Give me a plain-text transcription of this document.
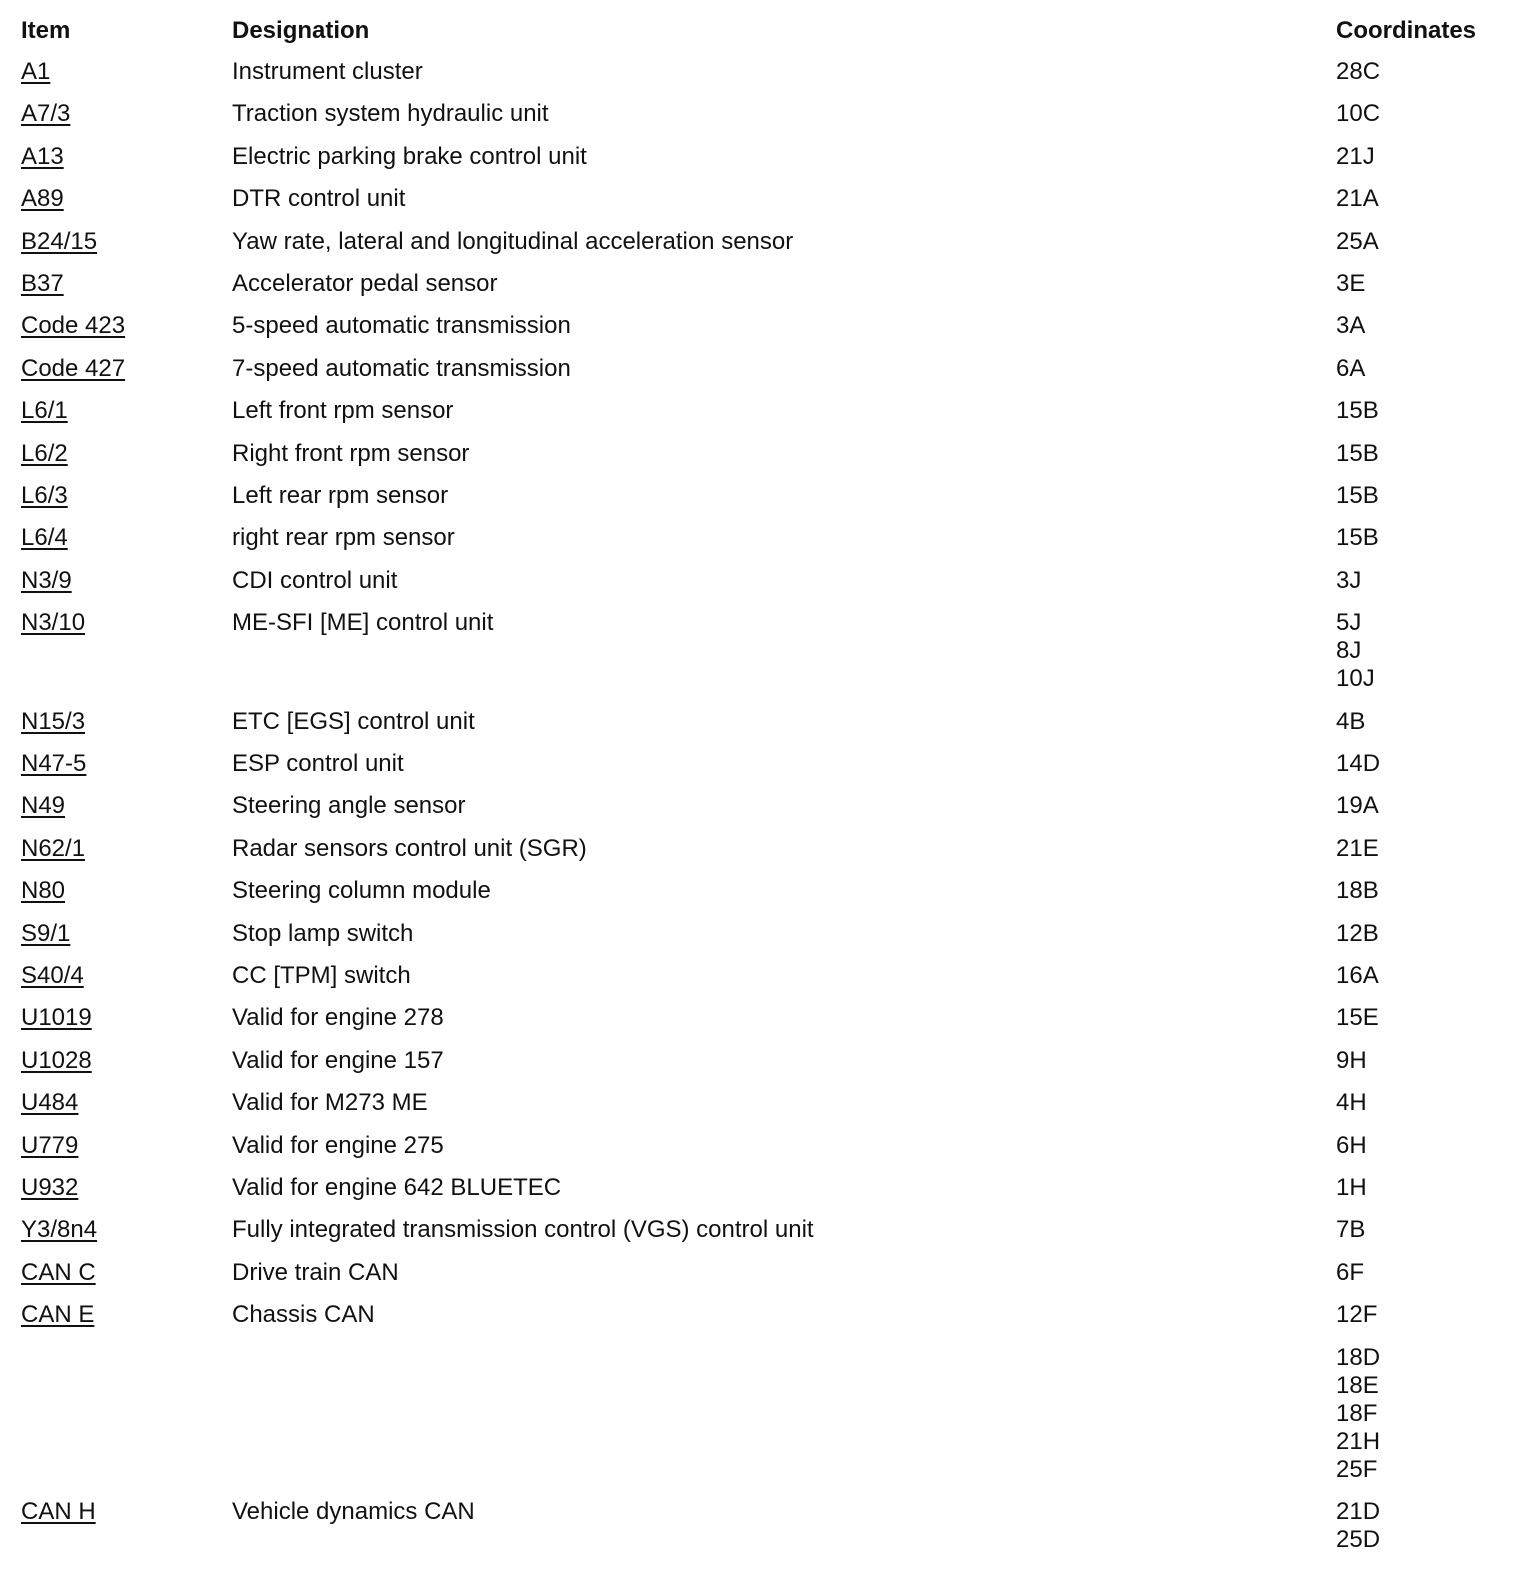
Item	Designation	Coordinates
A1	Instrument cluster	28C
A7/3	Traction system hydraulic unit	10C
A13	Electric parking brake control unit	21J
A89	DTR control unit	21A
B24/15	Yaw rate, lateral and longitudinal acceleration sensor	25A
B37	Accelerator pedal sensor	3E
Code 423	5-speed automatic transmission	3A
Code 427	7-speed automatic transmission	6A
L6/1	Left front rpm sensor	15B
L6/2	Right front rpm sensor	15B
L6/3	Left rear rpm sensor	15B
L6/4	right rear rpm sensor	15B
N3/9	CDI control unit	3J
N3/10	ME-SFI [ME] control unit	5J
8J
10J
N15/3	ETC [EGS] control unit	4B
N47-5	ESP control unit	14D
N49	Steering angle sensor	19A
N62/1	Radar sensors control unit (SGR)	21E
N80	Steering column module	18B
S9/1	Stop lamp switch	12B
S40/4	CC [TPM] switch	16A
U1019	Valid for engine 278	15E
U1028	Valid for engine 157	9H
U484	Valid for M273 ME	4H
U779	Valid for engine 275	6H
U932	Valid for engine 642 BLUETEC	1H
Y3/8n4	Fully integrated transmission control (VGS) control unit	7B
CAN C	Drive train CAN	6F
CAN E	Chassis CAN	12F
18D
18E
18F
21H
25F
CAN H	Vehicle dynamics CAN	21D
25D
